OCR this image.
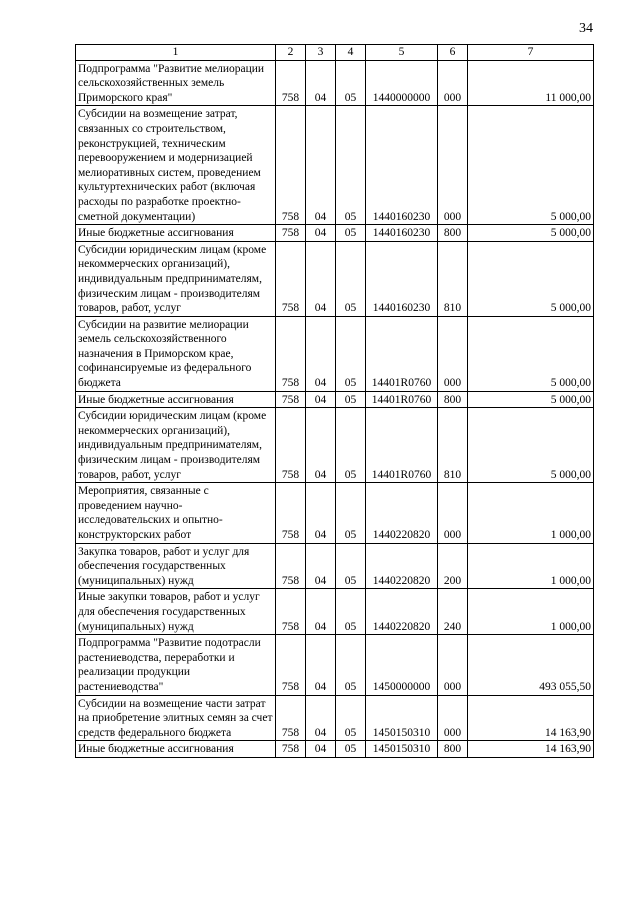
34
1	2	3	4	5	6	7
Подпрограмма "Развитие мелиорации сельскохозяйственных земель Приморского края"	758	04	05	1440000000	000	11 000,00
Субсидии на возмещение затрат, связанных со строительством, реконструкцией, техническим перевооружением и модернизацией мелиоративных систем, проведением культуртехнических работ (включая расходы по разработке проектно-сметной документации)	758	04	05	1440160230	000	5 000,00
Иные бюджетные ассигнования	758	04	05	1440160230	800	5 000,00
Субсидии юридическим лицам (кроме некоммерческих организаций), индивидуальным предпринимателям, физическим лицам - производителям товаров, работ, услуг	758	04	05	1440160230	810	5 000,00
Субсидии на развитие мелиорации земель сельскохозяйственного назначения в Приморском крае, софинансируемые из федерального бюджета	758	04	05	14401R0760	000	5 000,00
Иные бюджетные ассигнования	758	04	05	14401R0760	800	5 000,00
Субсидии юридическим лицам (кроме некоммерческих организаций), индивидуальным предпринимателям, физическим лицам - производителям товаров, работ, услуг	758	04	05	14401R0760	810	5 000,00
Мероприятия, связанные с проведением научно-исследовательских и опытно-конструкторских работ	758	04	05	1440220820	000	1 000,00
Закупка товаров, работ и услуг для обеспечения государственных (муниципальных) нужд	758	04	05	1440220820	200	1 000,00
Иные закупки товаров, работ и услуг для обеспечения государственных (муниципальных) нужд	758	04	05	1440220820	240	1 000,00
Подпрограмма "Развитие подотрасли растениеводства, переработки и реализации продукции растениеводства"	758	04	05	1450000000	000	493 055,50
Субсидии на возмещение части затрат на приобретение элитных семян за счет средств федерального бюджета	758	04	05	1450150310	000	14 163,90
Иные бюджетные ассигнования	758	04	05	1450150310	800	14 163,90
